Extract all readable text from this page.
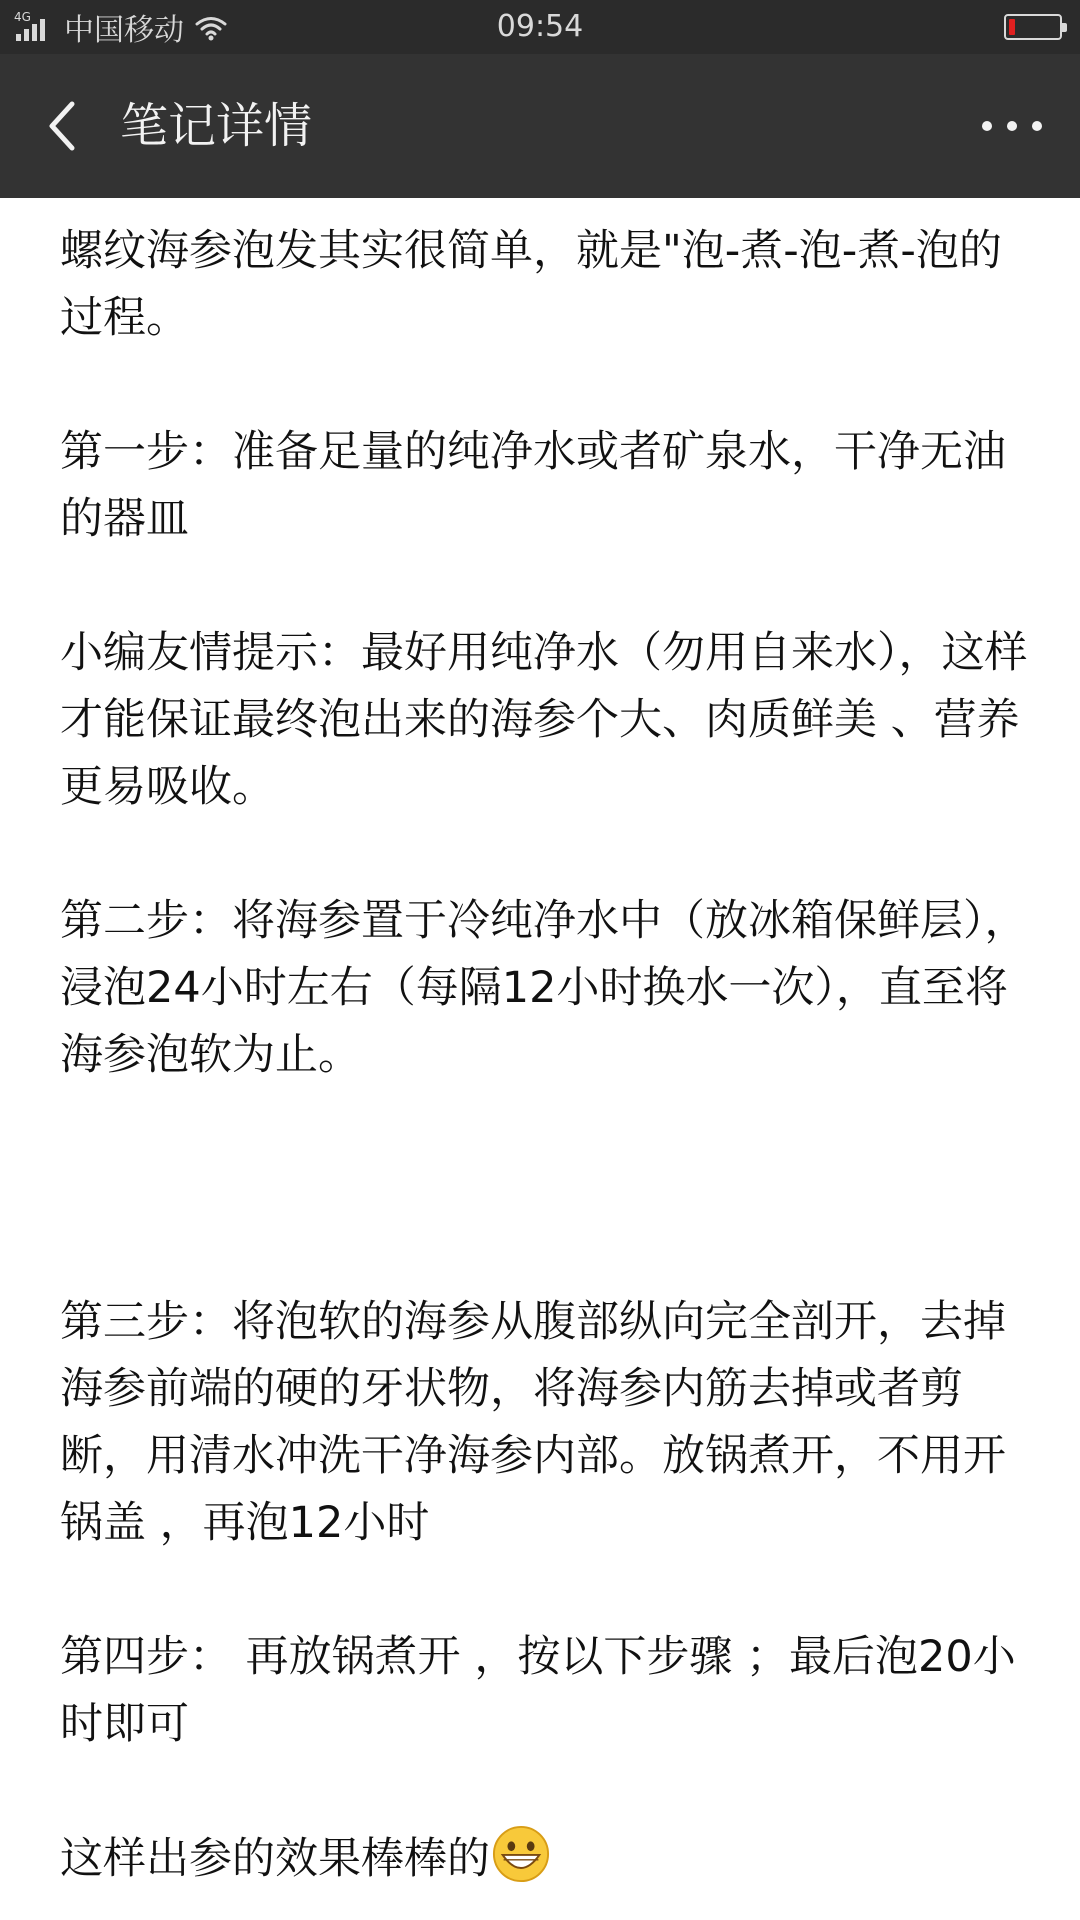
4G 中国移动	09:54
笔记详情

螺纹海参泡发其实很简单，就是"泡-煮-泡-煮-泡的过程。

第一步：准备足量的纯净水或者矿泉水，干净无油的器皿

小编友情提示：最好用纯净水（勿用自来水），这样才能保证最终泡出来的海参个大、肉质鲜美 、营养更易吸收。

第二步：将海参置于冷纯净水中（放冰箱保鲜层），浸泡24小时左右（每隔12小时换水一次），直至将海参泡软为止。

第三步：将泡软的海参从腹部纵向完全剖开，去掉海参前端的硬的牙状物，将海参内筋去掉或者剪断，用清水冲洗干净海参内部。放锅煮开，不用开锅盖 ，再泡12小时

第四步： 再放锅煮开 ，按以下步骤 ；最后泡20小时即可

这样出参的效果棒棒的
